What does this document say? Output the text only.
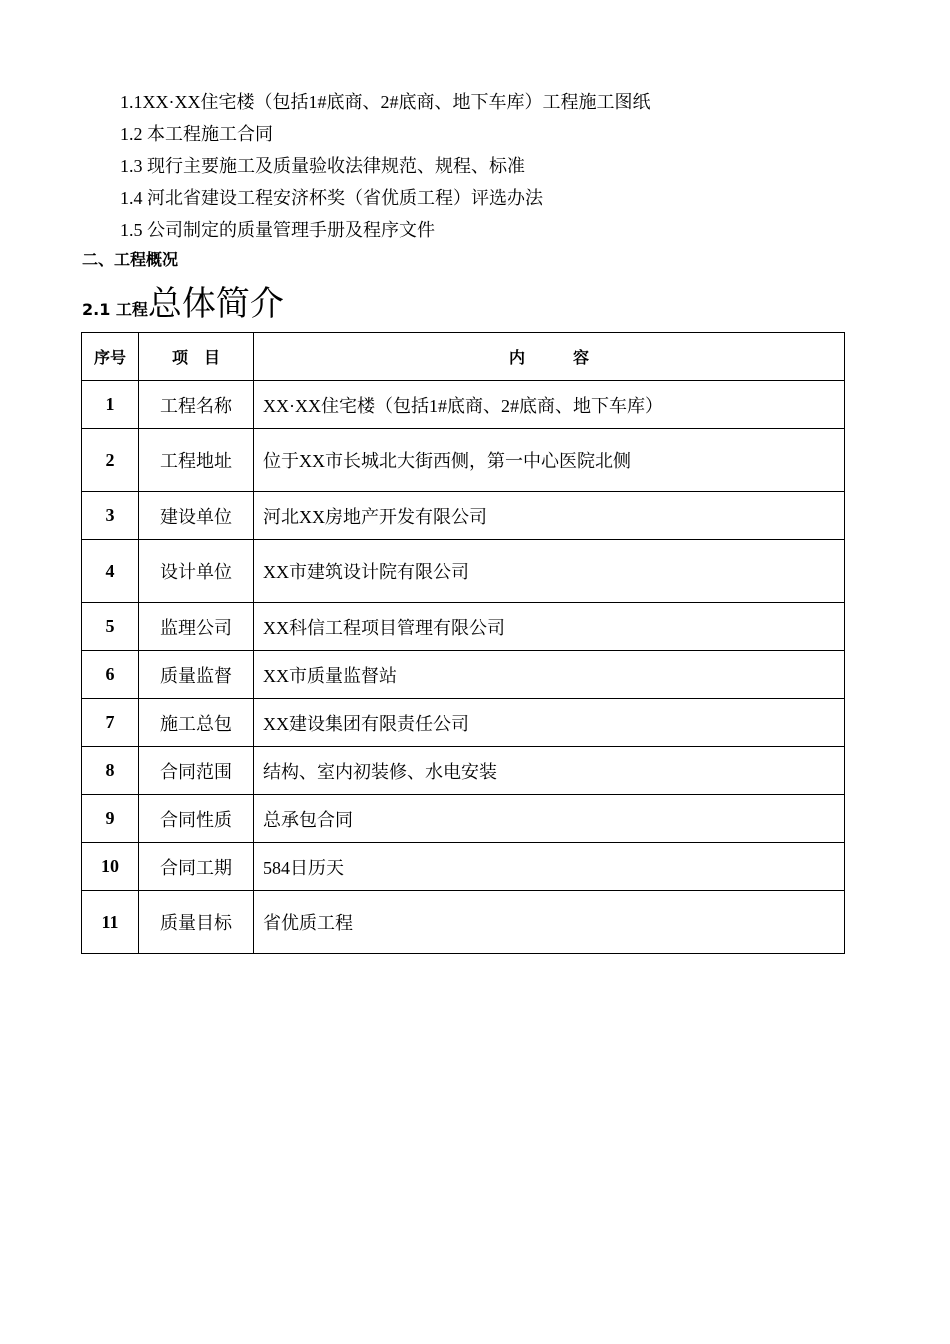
1.1XX·XX住宅楼（包括1#底商、2#底商、地下车库）工程施工图纸
1.2 本工程施工合同
1.3 现行主要施工及质量验收法律规范、规程、标准
1.4 河北省建设工程安济杯奖（省优质工程）评选办法
1.5 公司制定的质量管理手册及程序文件
二、工程概况
2.1 工程总体简介
序号	项　目	内　　　容
1	工程名称	XX·XX住宅楼（包括1#底商、2#底商、地下车库）
2	工程地址	位于XX市长城北大街西侧，第一中心医院北侧
3	建设单位	河北XX房地产开发有限公司
4	设计单位	XX市建筑设计院有限公司
5	监理公司	XX科信工程项目管理有限公司
6	质量监督	XX市质量监督站
7	施工总包	XX建设集团有限责任公司
8	合同范围	结构、室内初装修、水电安装
9	合同性质	总承包合同
10	合同工期	584日历天
11	质量目标	省优质工程
